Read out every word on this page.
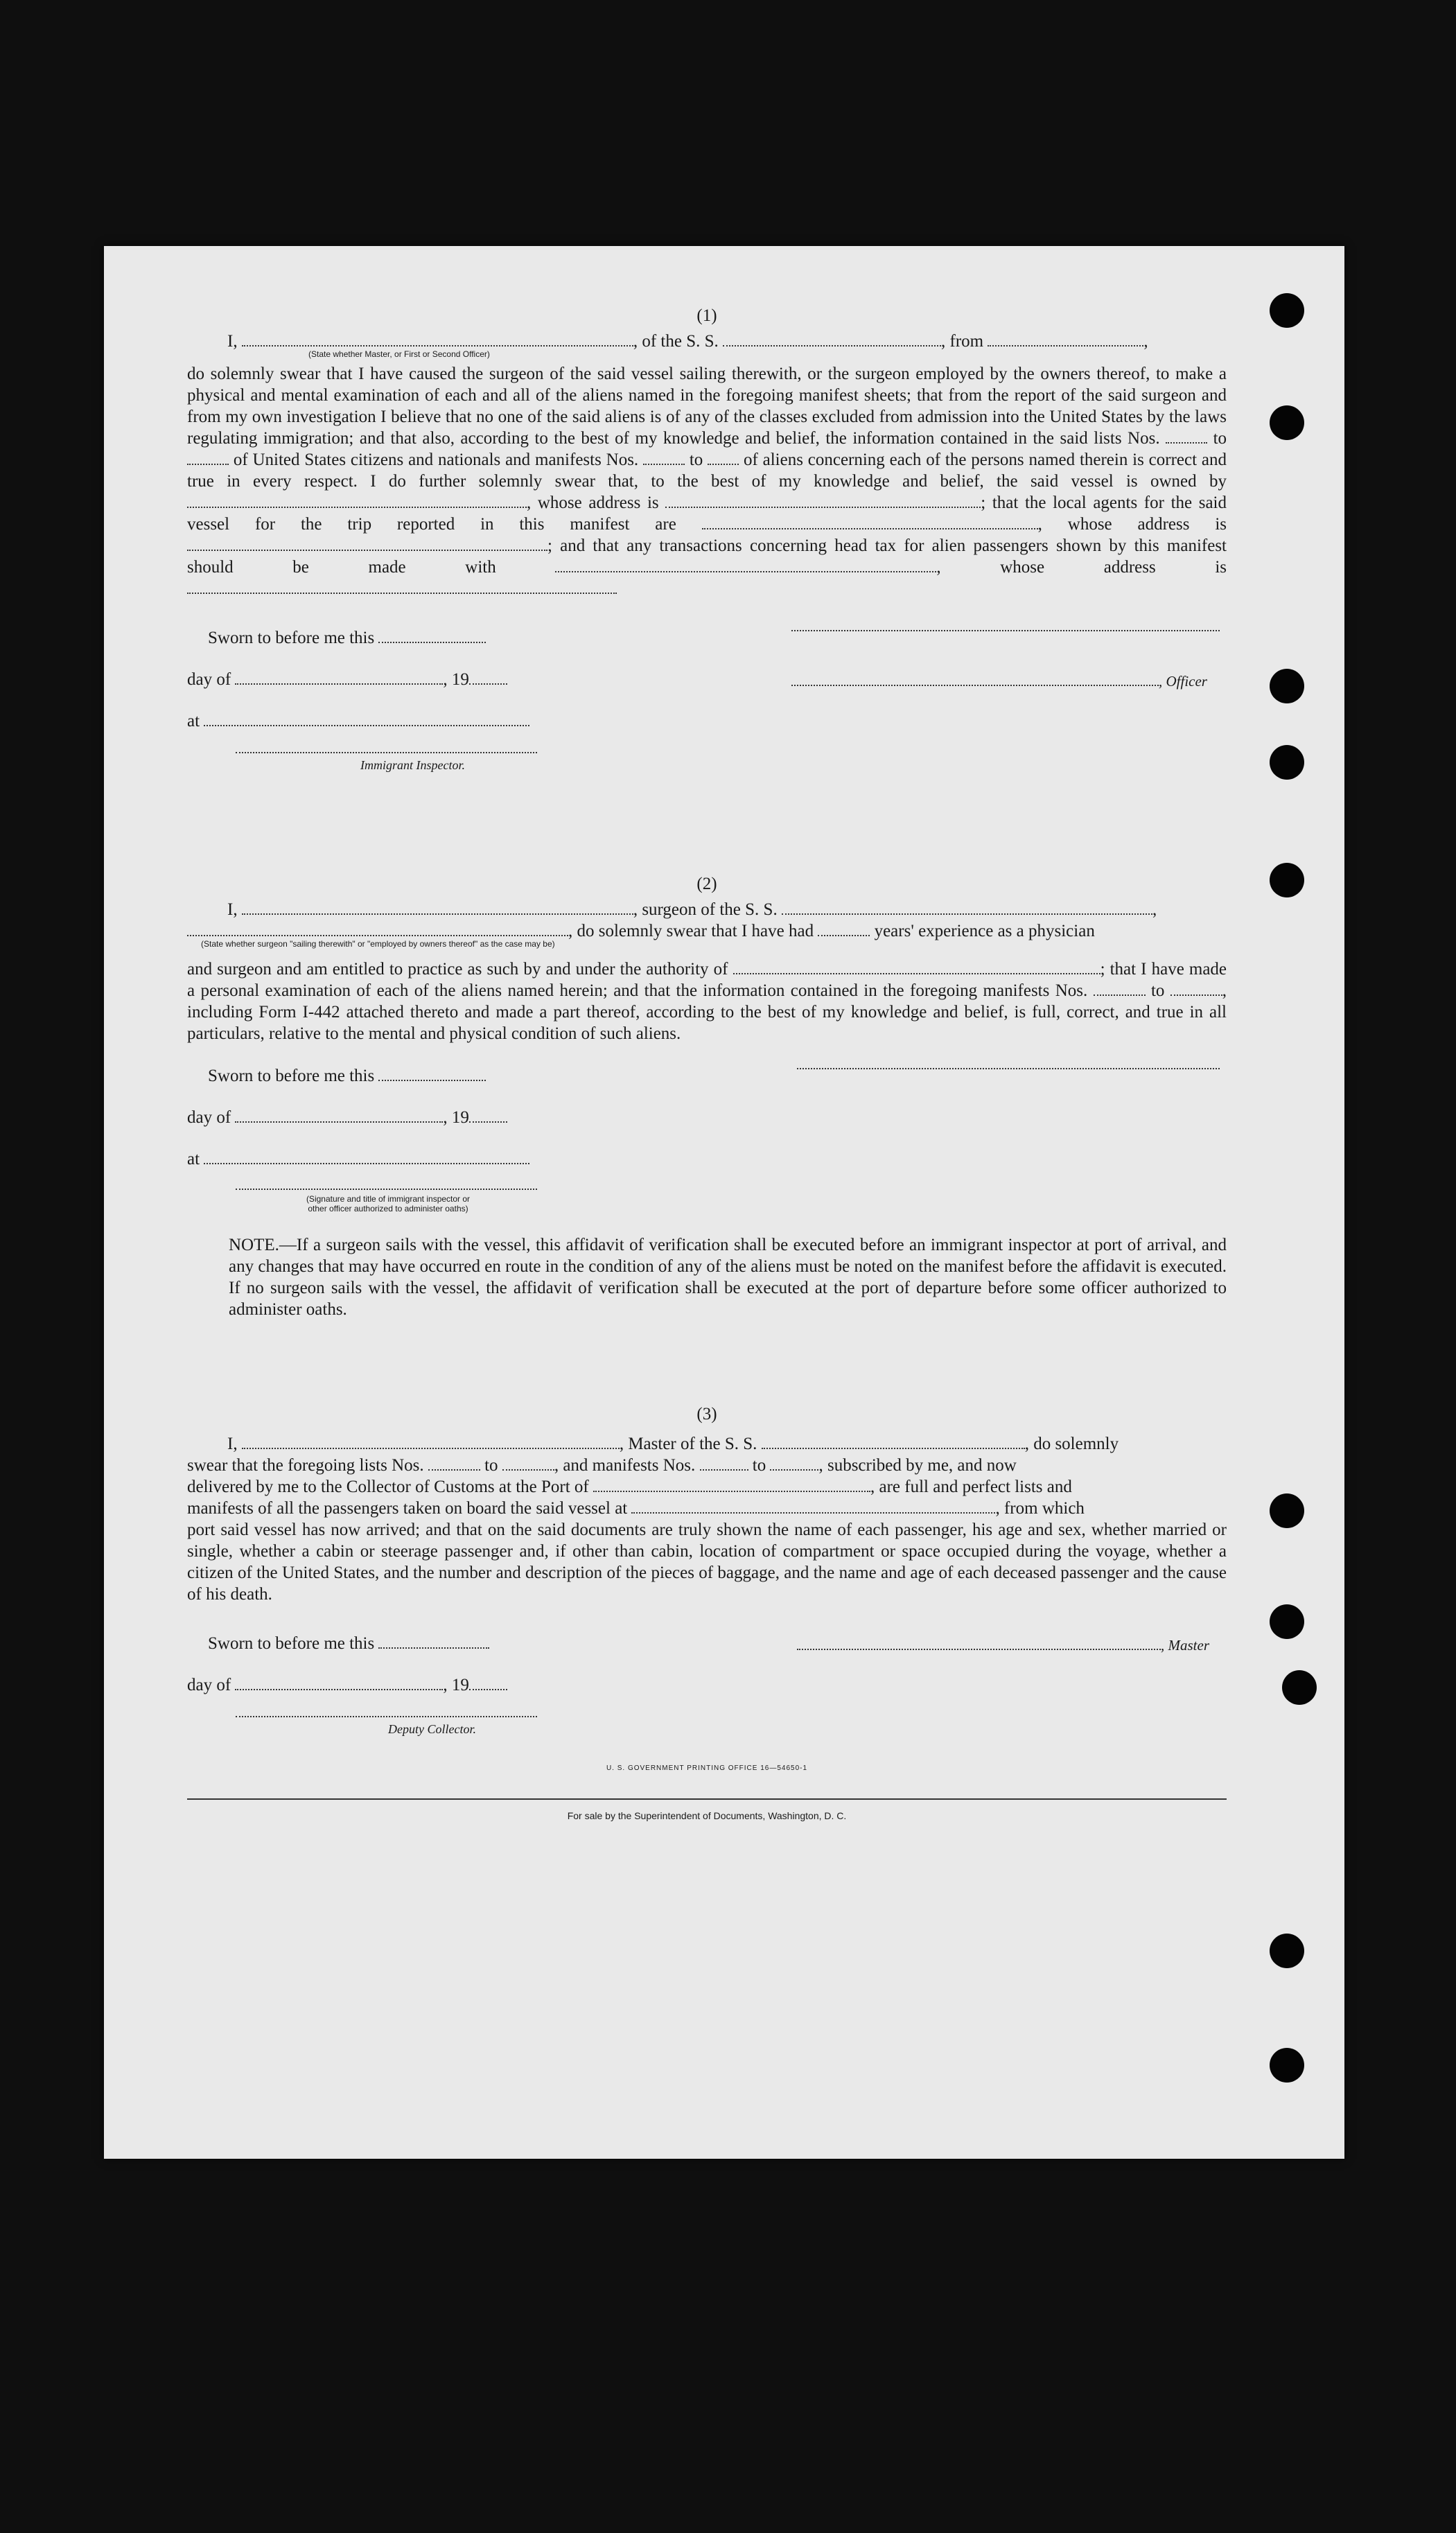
(1)
I,	, of the S. S.	, from	,
(State whether Master, or First or Second Officer)
do solemnly swear that I have caused the surgeon of the said vessel sailing therewith, or the surgeon employed by the owners thereof, to make a physical and mental examination of each and all of the aliens named in the foregoing manifest sheets; that from the report of the said surgeon and from my own investigation I believe that no one of the said aliens is of any of the classes excluded from admission into the United States by the laws regulating immigration; and that also, according to the best of my knowledge and belief, the information contained in the said lists Nos.	to  of United States citizens and nationals and manifests Nos.	to of aliens concerning each of the persons named therein is correct and true in every respect. I do further solemnly swear that, to the best of my knowledge and belief, the said vessel is owned by , whose address is	; that the local agents for the said vessel for the trip reported in this manifest are	, whose address is ; and that any transactions concerning head tax for alien passengers shown by this manifest should be made with	, whose address is
Sworn to before me this
day of	, 19
at
Immigrant Inspector.
, Officer
(2)
I,	, surgeon of the S. S.	,
, do solemnly swear that I have had	years' experience as a physician
(State whether surgeon "sailing therewith" or "employed by owners thereof" as the case may be)
and surgeon and am entitled to practice as such by and under the authority of	; that I have made a personal examination of each of the aliens named herein; and that the information contained in the foregoing manifests Nos.	to	, including Form I-442 attached thereto and made a part thereof, according to the best of my knowledge and belief, is full, correct, and true in all particulars, relative to the mental and physical condition of such aliens.
Sworn to before me this
day of	, 19
at
(Signature and title of immigrant inspector or
other officer authorized to administer oaths)
NOTE.—If a surgeon sails with the vessel, this affidavit of verification shall be executed before an immigrant inspector at port of arrival, and any changes that may have occurred en route in the condition of any of the aliens must be noted on the manifest before the affidavit is executed.
If no surgeon sails with the vessel, the affidavit of verification shall be executed at the port of departure before some officer authorized to administer oaths.
(3)
I,	, Master of the S. S.	, do solemnly
swear that the foregoing lists Nos.	to	, and manifests Nos.	to	, subscribed by me, and now
delivered by me to the Collector of Customs at the Port of	, are full and perfect lists and
manifests of all the passengers taken on board the said vessel at	, from which
port said vessel has now arrived; and that on the said documents are truly shown the name of each passenger, his age and sex, whether married or single, whether a cabin or steerage passenger and, if other than cabin, location of compartment or space occupied during the voyage, whether a citizen of the United States, and the number and description of the pieces of baggage, and the name and age of each deceased passenger and the cause of his death.
Sworn to before me this
day of	, 19
Deputy Collector.
, Master
U. S. GOVERNMENT PRINTING OFFICE 16—54650-1
For sale by the Superintendent of Documents, Washington, D. C.
